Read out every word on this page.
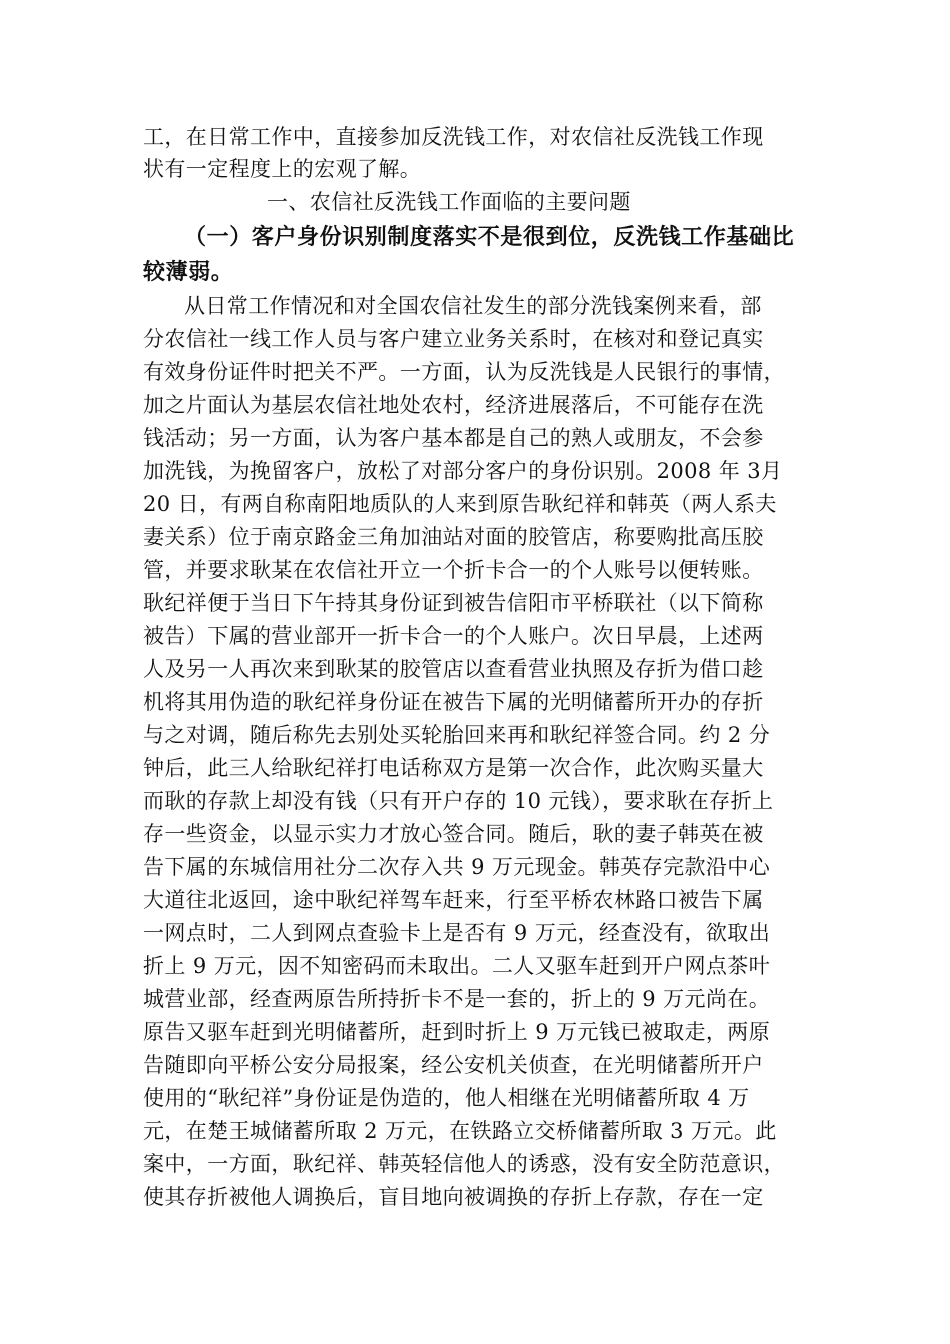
工，在日常工作中，直接参加反洗钱工作，对农信社反洗钱工作现
状有一定程度上的宏观了解。
一、农信社反洗钱工作面临的主要问题
（一）客户身份识别制度落实不是很到位，反洗钱工作基础比
较薄弱。
从日常工作情况和对全国农信社发生的部分洗钱案例来看，部
分农信社一线工作人员与客户建立业务关系时，在核对和登记真实
有效身份证件时把关不严。一方面，认为反洗钱是人民银行的事情，
加之片面认为基层农信社地处农村，经济进展落后，不可能存在洗
钱活动；另一方面，认为客户基本都是自己的熟人或朋友，不会参
加洗钱，为挽留客户，放松了对部分客户的身份识别。2008 年 3月
20 日，有两自称南阳地质队的人来到原告耿纪祥和韩英（两人系夫
妻关系）位于南京路金三角加油站对面的胶管店，称要购批高压胶
管，并要求耿某在农信社开立一个折卡合一的个人账号以便转账。
耿纪祥便于当日下午持其身份证到被告信阳市平桥联社（以下简称
被告）下属的营业部开一折卡合一的个人账户。次日早晨，上述两
人及另一人再次来到耿某的胶管店以查看营业执照及存折为借口趁
机将其用伪造的耿纪祥身份证在被告下属的光明储蓄所开办的存折
与之对调，随后称先去别处买轮胎回来再和耿纪祥签合同。约 2 分
钟后，此三人给耿纪祥打电话称双方是第一次合作，此次购买量大
而耿的存款上却没有钱（只有开户存的 10 元钱），要求耿在存折上
存一些资金，以显示实力才放心签合同。随后，耿的妻子韩英在被
告下属的东城信用社分二次存入共 9 万元现金。韩英存完款沿中心
大道往北返回，途中耿纪祥驾车赶来，行至平桥农林路口被告下属
一网点时，二人到网点查验卡上是否有 9 万元，经查没有，欲取出
折上 9 万元，因不知密码而未取出。二人又驱车赶到开户网点茶叶
城营业部，经查两原告所持折卡不是一套的，折上的 9 万元尚在。
原告又驱车赶到光明储蓄所，赶到时折上 9 万元钱已被取走，两原
告随即向平桥公安分局报案，经公安机关侦查，在光明储蓄所开户
使用的“耿纪祥”身份证是伪造的，他人相继在光明储蓄所取 4 万
元，在楚王城储蓄所取 2 万元，在铁路立交桥储蓄所取 3 万元。此
案中，一方面，耿纪祥、韩英轻信他人的诱惑，没有安全防范意识，
使其存折被他人调换后，盲目地向被调换的存折上存款，存在一定
